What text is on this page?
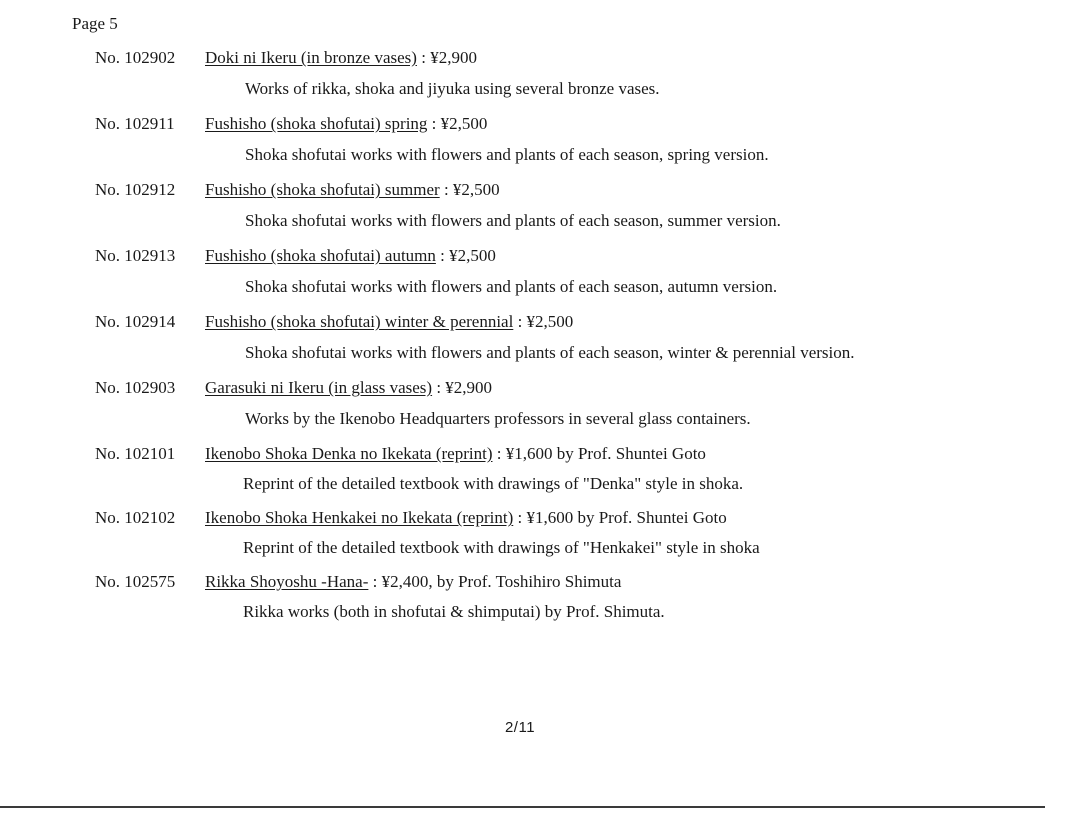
Page 5
No. 102902 Doki ni Ikeru (in bronze vases) : ¥2,900
Works of rikka, shoka and jiyuka using several bronze vases.
No. 102911 Fushisho (shoka shofutai) spring : ¥2,500
Shoka shofutai works with flowers and plants of each season, spring version.
No. 102912 Fushisho (shoka shofutai) summer : ¥2,500
Shoka shofutai works with flowers and plants of each season, summer version.
No. 102913 Fushisho (shoka shofutai) autumn : ¥2,500
Shoka shofutai works with flowers and plants of each season, autumn version.
No. 102914 Fushisho (shoka shofutai) winter & perennial : ¥2,500
Shoka shofutai works with flowers and plants of each season, winter & perennial version.
No. 102903 Garasuki ni Ikeru (in glass vases) : ¥2,900
Works by the Ikenobo Headquarters professors in several glass containers.
No. 102101 Ikenobo Shoka Denka no Ikekata (reprint) : ¥1,600 by Prof. Shuntei Goto
Reprint of the detailed textbook with drawings of "Denka" style in shoka.
No. 102102 Ikenobo Shoka Henkakei no Ikekata (reprint) : ¥1,600 by Prof. Shuntei Goto
Reprint of the detailed textbook with drawings of "Henkakei" style in shoka
No. 102575 Rikka Shoyoshu -Hana- : ¥2,400, by Prof. Toshihiro Shimuta
Rikka works (both in shofutai & shimputai) by Prof. Shimuta.
2/11
